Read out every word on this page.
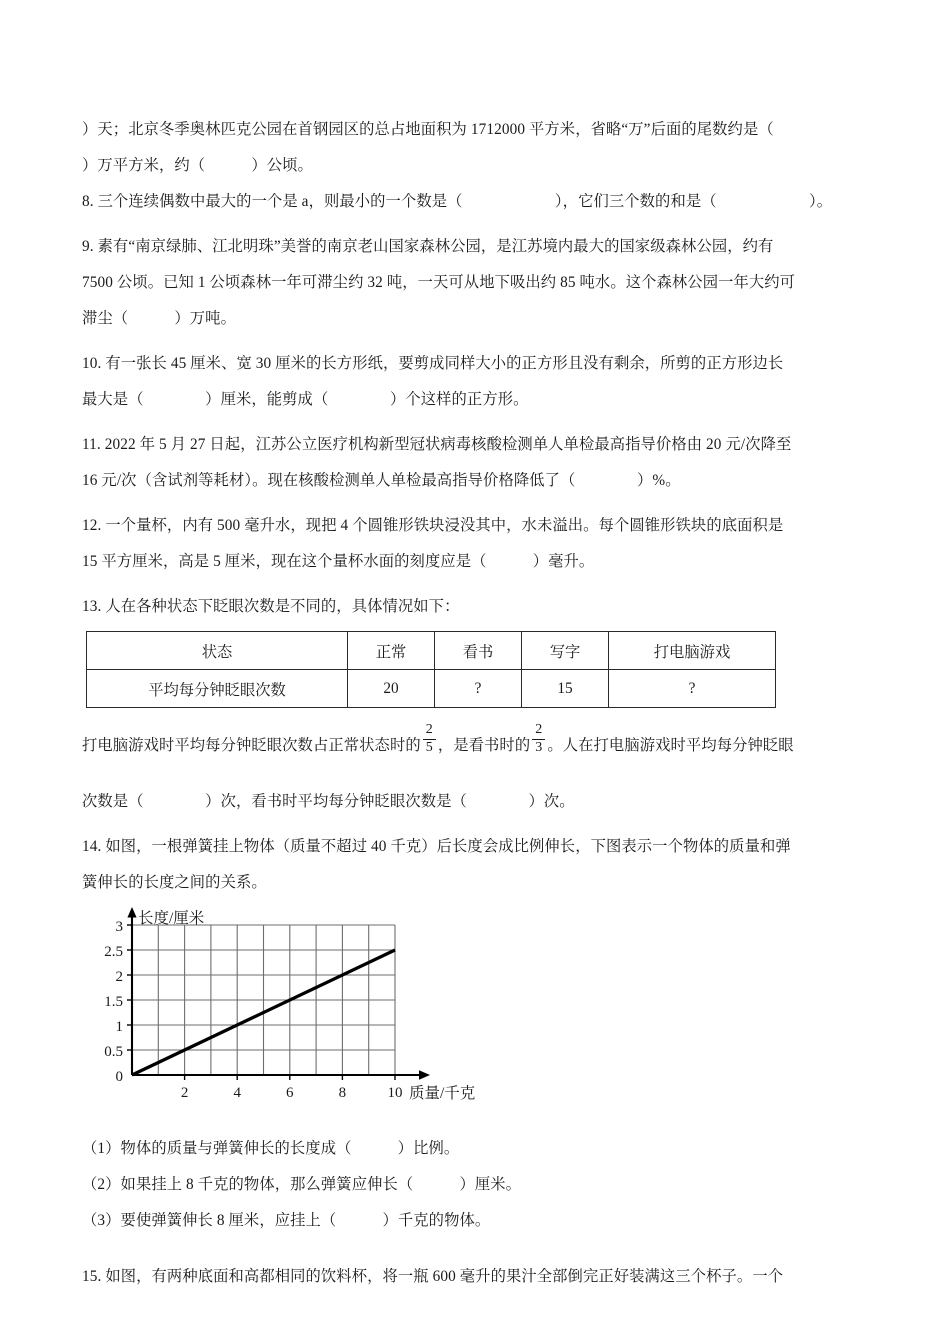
）天；北京冬季奥林匹克公园在首钢园区的总占地面积为 1712000 平方米，省略“万”后面的尾数约是（
）万平方米，约（   ）公顷。

8. 三个连续偶数中最大的一个是 a，则最小的一个数是（      ），它们三个数的和是（      ）。

9. 素有“南京绿肺、江北明珠”美誉的南京老山国家森林公园，是江苏境内最大的国家级森林公园，约有
7500 公顷。已知 1 公顷森林一年可滞尘约 32 吨，一天可从地下吸出约 85 吨水。这个森林公园一年大约可
滞尘（   ）万吨。

10. 有一张长 45 厘米、宽 30 厘米的长方形纸，要剪成同样大小的正方形且没有剩余，所剪的正方形边长
最大是（    ）厘米，能剪成（    ）个这样的正方形。

11. 2022 年 5 月 27 日起，江苏公立医疗机构新型冠状病毒核酸检测单人单检最高指导价格由 20 元/次降至
16 元/次（含试剂等耗材）。现在核酸检测单人单检最高指导价格降低了（    ）%。

12. 一个量杯，内有 500 毫升水，现把 4 个圆锥形铁块浸没其中，水未溢出。每个圆锥形铁块的底面积是
15 平方厘米，高是 5 厘米，现在这个量杯水面的刻度应是（   ）毫升。

13. 人在各种状态下眨眼次数是不同的，具体情况如下：

状态	正常	看书	写字	打电脑游戏
平均每分钟眨眼次数	20	?	15	?

打电脑游戏时平均每分钟眨眼次数占正常状态时的 $\frac{2}{5}$ ，是看书时的 $\frac{2}{3}$ 。人在打电脑游戏时平均每分钟眨眼

次数是（    ）次，看书时平均每分钟眨眼次数是（    ）次。

14. 如图，一根弹簧挂上物体（质量不超过 40 千克）后长度会成比例伸长，下图表示一个物体的质量和弹
簧伸长的长度之间的关系。

3
2.5
2
1.5
1
0.5
0
2	4	6	8	10
长度/厘米
质量/千克

（1）物体的质量与弹簧伸长的长度成（   ）比例。

（2）如果挂上 8 千克的物体，那么弹簧应伸长（   ）厘米。

（3）要使弹簧伸长 8 厘米，应挂上（   ）千克的物体。

15. 如图，有两种底面和高都相同的饮料杯，将一瓶 600 毫升的果汁全部倒完正好装满这三个杯子。一个
